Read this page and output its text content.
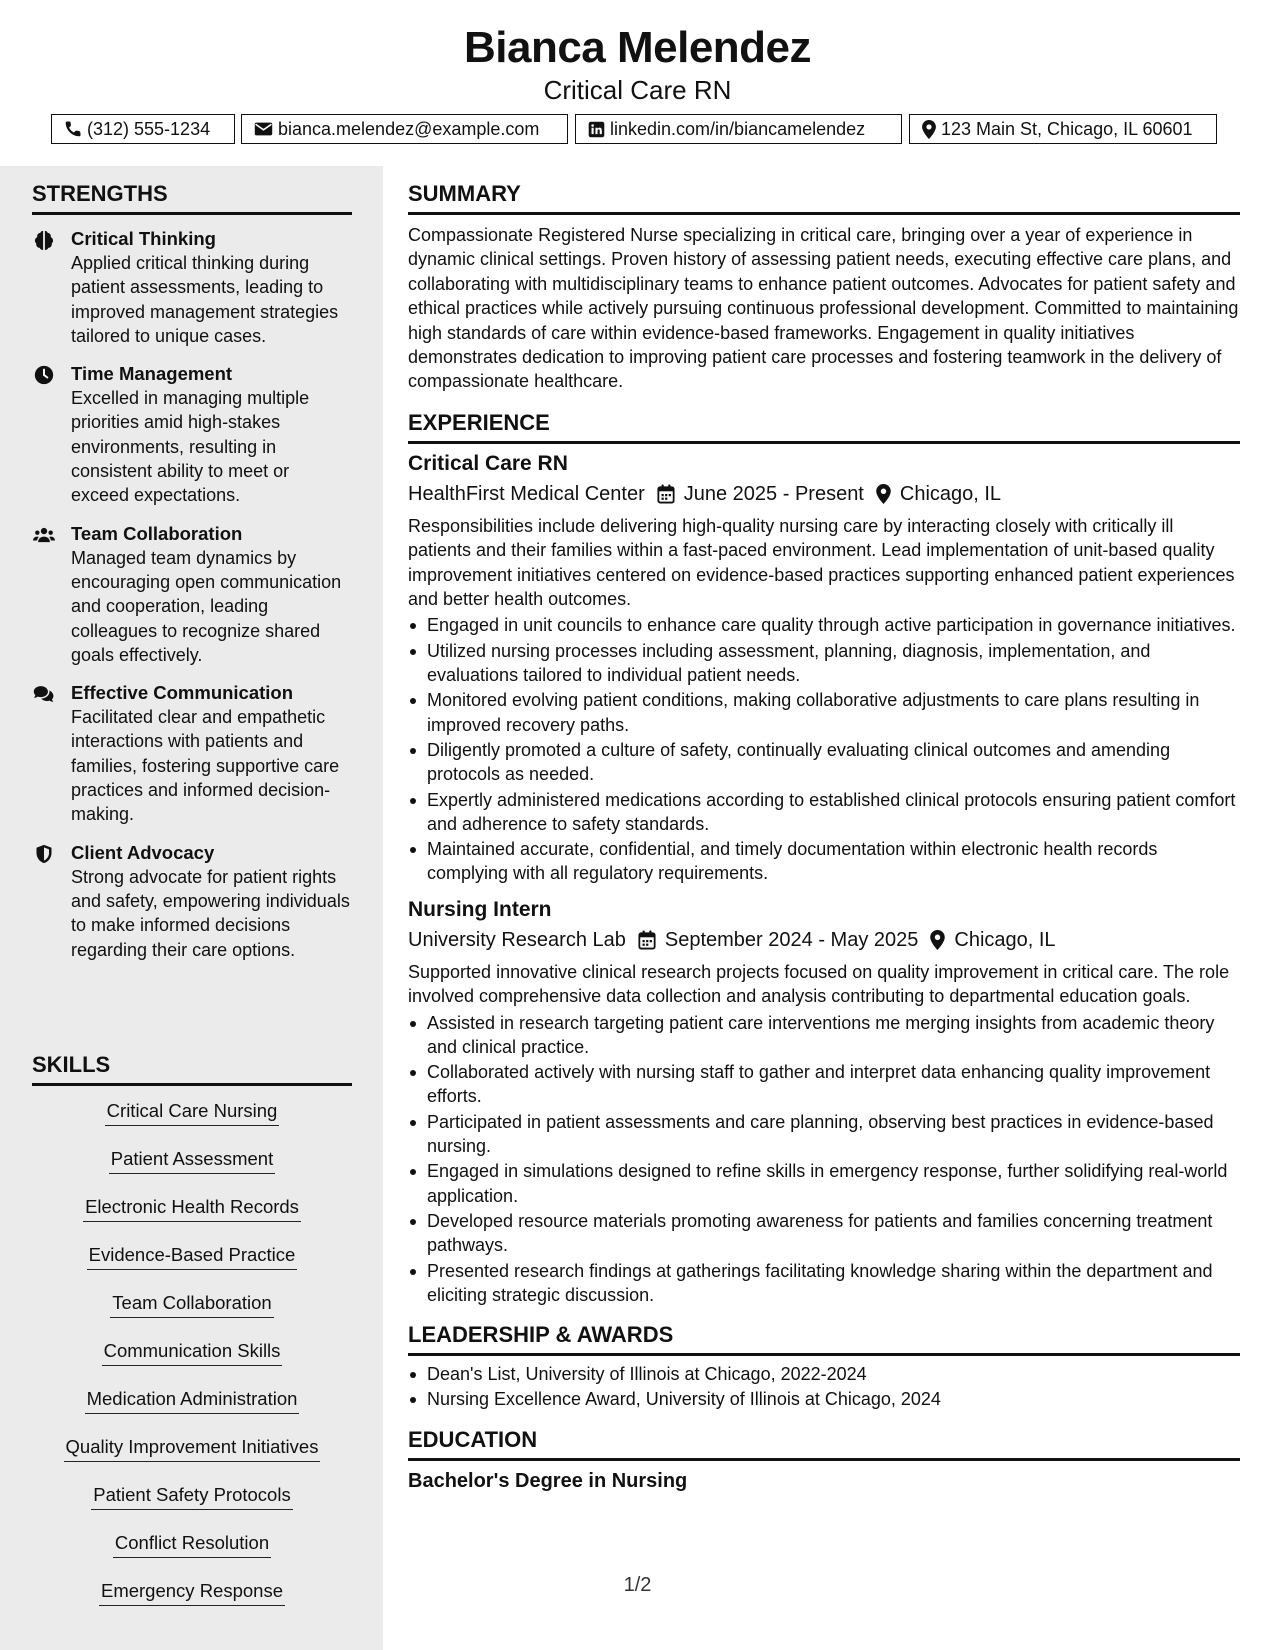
Bianca Melendez
Critical Care RN
(312) 555-1234	bianca.melendez@example.com	linkedin.com/in/biancamelendez	123 Main St, Chicago, IL 60601
STRENGTHS
Critical Thinking
Applied critical thinking during patient assessments, leading to improved management strategies tailored to unique cases.
Time Management
Excelled in managing multiple priorities amid high-stakes environments, resulting in consistent ability to meet or exceed expectations.
Team Collaboration
Managed team dynamics by encouraging open communication and cooperation, leading colleagues to recognize shared goals effectively.
Effective Communication
Facilitated clear and empathetic interactions with patients and families, fostering supportive care practices and informed decision-making.
Client Advocacy
Strong advocate for patient rights and safety, empowering individuals to make informed decisions regarding their care options.
SKILLS
Critical Care Nursing
Patient Assessment
Electronic Health Records
Evidence-Based Practice
Team Collaboration
Communication Skills
Medication Administration
Quality Improvement Initiatives
Patient Safety Protocols
Conflict Resolution
Emergency Response
SUMMARY
Compassionate Registered Nurse specializing in critical care, bringing over a year of experience in dynamic clinical settings. Proven history of assessing patient needs, executing effective care plans, and collaborating with multidisciplinary teams to enhance patient outcomes. Advocates for patient safety and ethical practices while actively pursuing continuous professional development. Committed to maintaining high standards of care within evidence-based frameworks. Engagement in quality initiatives demonstrates dedication to improving patient care processes and fostering teamwork in the delivery of compassionate healthcare.
EXPERIENCE
Critical Care RN
HealthFirst Medical Center June 2025 - Present Chicago, IL
Responsibilities include delivering high-quality nursing care by interacting closely with critically ill patients and their families within a fast-paced environment. Lead implementation of unit-based quality improvement initiatives centered on evidence-based practices supporting enhanced patient experiences and better health outcomes.
Engaged in unit councils to enhance care quality through active participation in governance initiatives.
Utilized nursing processes including assessment, planning, diagnosis, implementation, and evaluations tailored to individual patient needs.
Monitored evolving patient conditions, making collaborative adjustments to care plans resulting in improved recovery paths.
Diligently promoted a culture of safety, continually evaluating clinical outcomes and amending protocols as needed.
Expertly administered medications according to established clinical protocols ensuring patient comfort and adherence to safety standards.
Maintained accurate, confidential, and timely documentation within electronic health records complying with all regulatory requirements.
Nursing Intern
University Research Lab September 2024 - May 2025 Chicago, IL
Supported innovative clinical research projects focused on quality improvement in critical care. The role involved comprehensive data collection and analysis contributing to departmental education goals.
Assisted in research targeting patient care interventions me merging insights from academic theory and clinical practice.
Collaborated actively with nursing staff to gather and interpret data enhancing quality improvement efforts.
Participated in patient assessments and care planning, observing best practices in evidence-based nursing.
Engaged in simulations designed to refine skills in emergency response, further solidifying real-world application.
Developed resource materials promoting awareness for patients and families concerning treatment pathways.
Presented research findings at gatherings facilitating knowledge sharing within the department and eliciting strategic discussion.
LEADERSHIP & AWARDS
Dean's List, University of Illinois at Chicago, 2022-2024
Nursing Excellence Award, University of Illinois at Chicago, 2024
EDUCATION
Bachelor's Degree in Nursing
1/2
